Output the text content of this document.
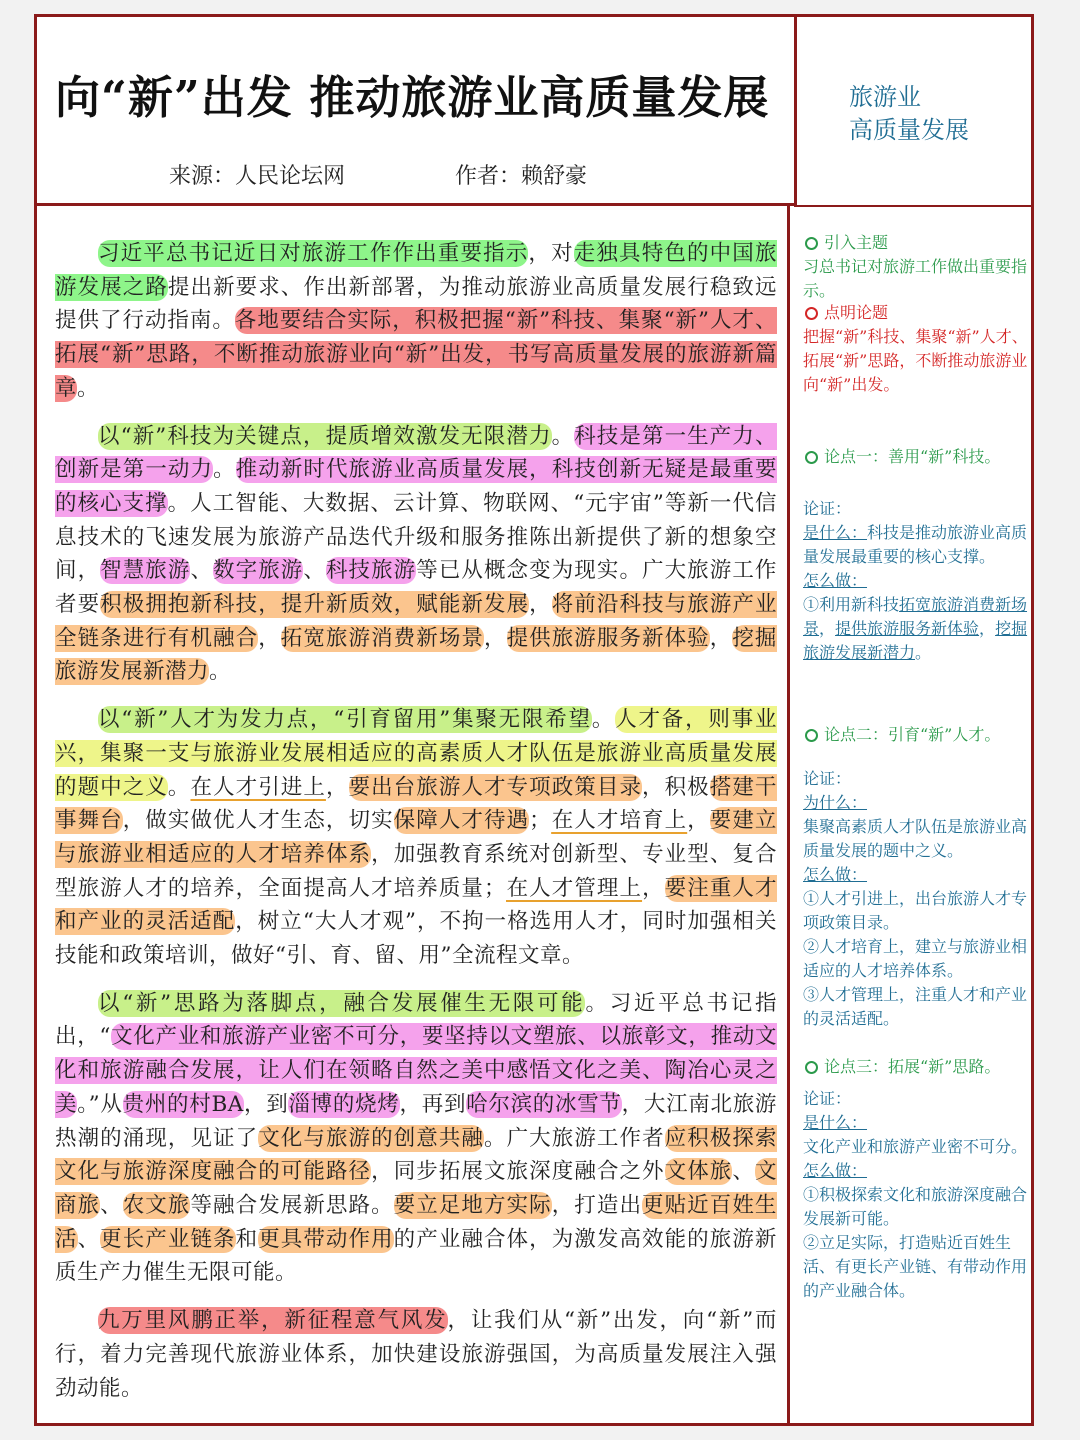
向“新”出发 推动旅游业高质量发展
来源：人民论坛网	作者：赖舒豪
旅游业
高质量发展

习近平总书记近日对旅游工作作出重要指示，对走独具特色的中国旅游发展之路提出新要求、作出新部署，为推动旅游业高质量发展行稳致远提供了行动指南。各地要结合实际，积极把握“新”科技、集聚“新”人才、拓展“新”思路，不断推动旅游业向“新”出发，书写高质量发展的旅游新篇章。

以“新”科技为关键点，提质增效激发无限潜力。科技是第一生产力、创新是第一动力。推动新时代旅游业高质量发展，科技创新无疑是最重要的核心支撑。人工智能、大数据、云计算、物联网、“元宇宙”等新一代信息技术的飞速发展为旅游产品迭代升级和服务推陈出新提供了新的想象空间，智慧旅游、数字旅游、科技旅游等已从概念变为现实。广大旅游工作者要积极拥抱新科技，提升新质效，赋能新发展，将前沿科技与旅游产业全链条进行有机融合，拓宽旅游消费新场景，提供旅游服务新体验，挖掘旅游发展新潜力。

以“新”人才为发力点，“引育留用”集聚无限希望。人才备，则事业兴，集聚一支与旅游业发展相适应的高素质人才队伍是旅游业高质量发展的题中之义。在人才引进上，要出台旅游人才专项政策目录，积极搭建干事舞台，做实做优人才生态，切实保障人才待遇；在人才培育上，要建立与旅游业相适应的人才培养体系，加强教育系统对创新型、专业型、复合型旅游人才的培养，全面提高人才培养质量；在人才管理上，要注重人才和产业的灵活适配，树立“大人才观”，不拘一格选用人才，同时加强相关技能和政策培训，做好“引、育、留、用”全流程文章。

以“新”思路为落脚点，融合发展催生无限可能。习近平总书记指出，“文化产业和旅游产业密不可分，要坚持以文塑旅、以旅彰文，推动文化和旅游融合发展，让人们在领略自然之美中感悟文化之美、陶冶心灵之美。”从贵州的村BA，到淄博的烧烤，再到哈尔滨的冰雪节，大江南北旅游热潮的涌现，见证了文化与旅游的创意共融。广大旅游工作者应积极探索文化与旅游深度融合的可能路径，同步拓展文旅深度融合之外文体旅、文商旅、农文旅等融合发展新思路。要立足地方实际，打造出更贴近百姓生活、更长产业链条和更具带动作用的产业融合体，为激发高效能的旅游新质生产力催生无限可能。

九万里风鹏正举，新征程意气风发，让我们从“新”出发，向“新”而行，着力完善现代旅游业体系，加快建设旅游强国，为高质量发展注入强劲动能。

引入主题
习总书记对旅游工作做出重要指示。
点明论题
把握“新”科技、集聚“新”人才、拓展“新”思路，不断推动旅游业向“新”出发。
论点一：善用“新”科技。
论证：
是什么：科技是推动旅游业高质量发展最重要的核心支撑。
怎么做：
①利用新科技拓宽旅游消费新场景，提供旅游服务新体验，挖掘旅游发展新潜力。
论点二：引育“新”人才。
论证：
为什么：
集聚高素质人才队伍是旅游业高质量发展的题中之义。
怎么做：
①人才引进上，出台旅游人才专项政策目录。
②人才培育上，建立与旅游业相适应的人才培养体系。
③人才管理上，注重人才和产业的灵活适配。
论点三：拓展“新”思路。
论证：
是什么：
文化产业和旅游产业密不可分。
怎么做：
①积极探索文化和旅游深度融合发展新可能。
②立足实际，打造贴近百姓生活、有更长产业链、有带动作用的产业融合体。
